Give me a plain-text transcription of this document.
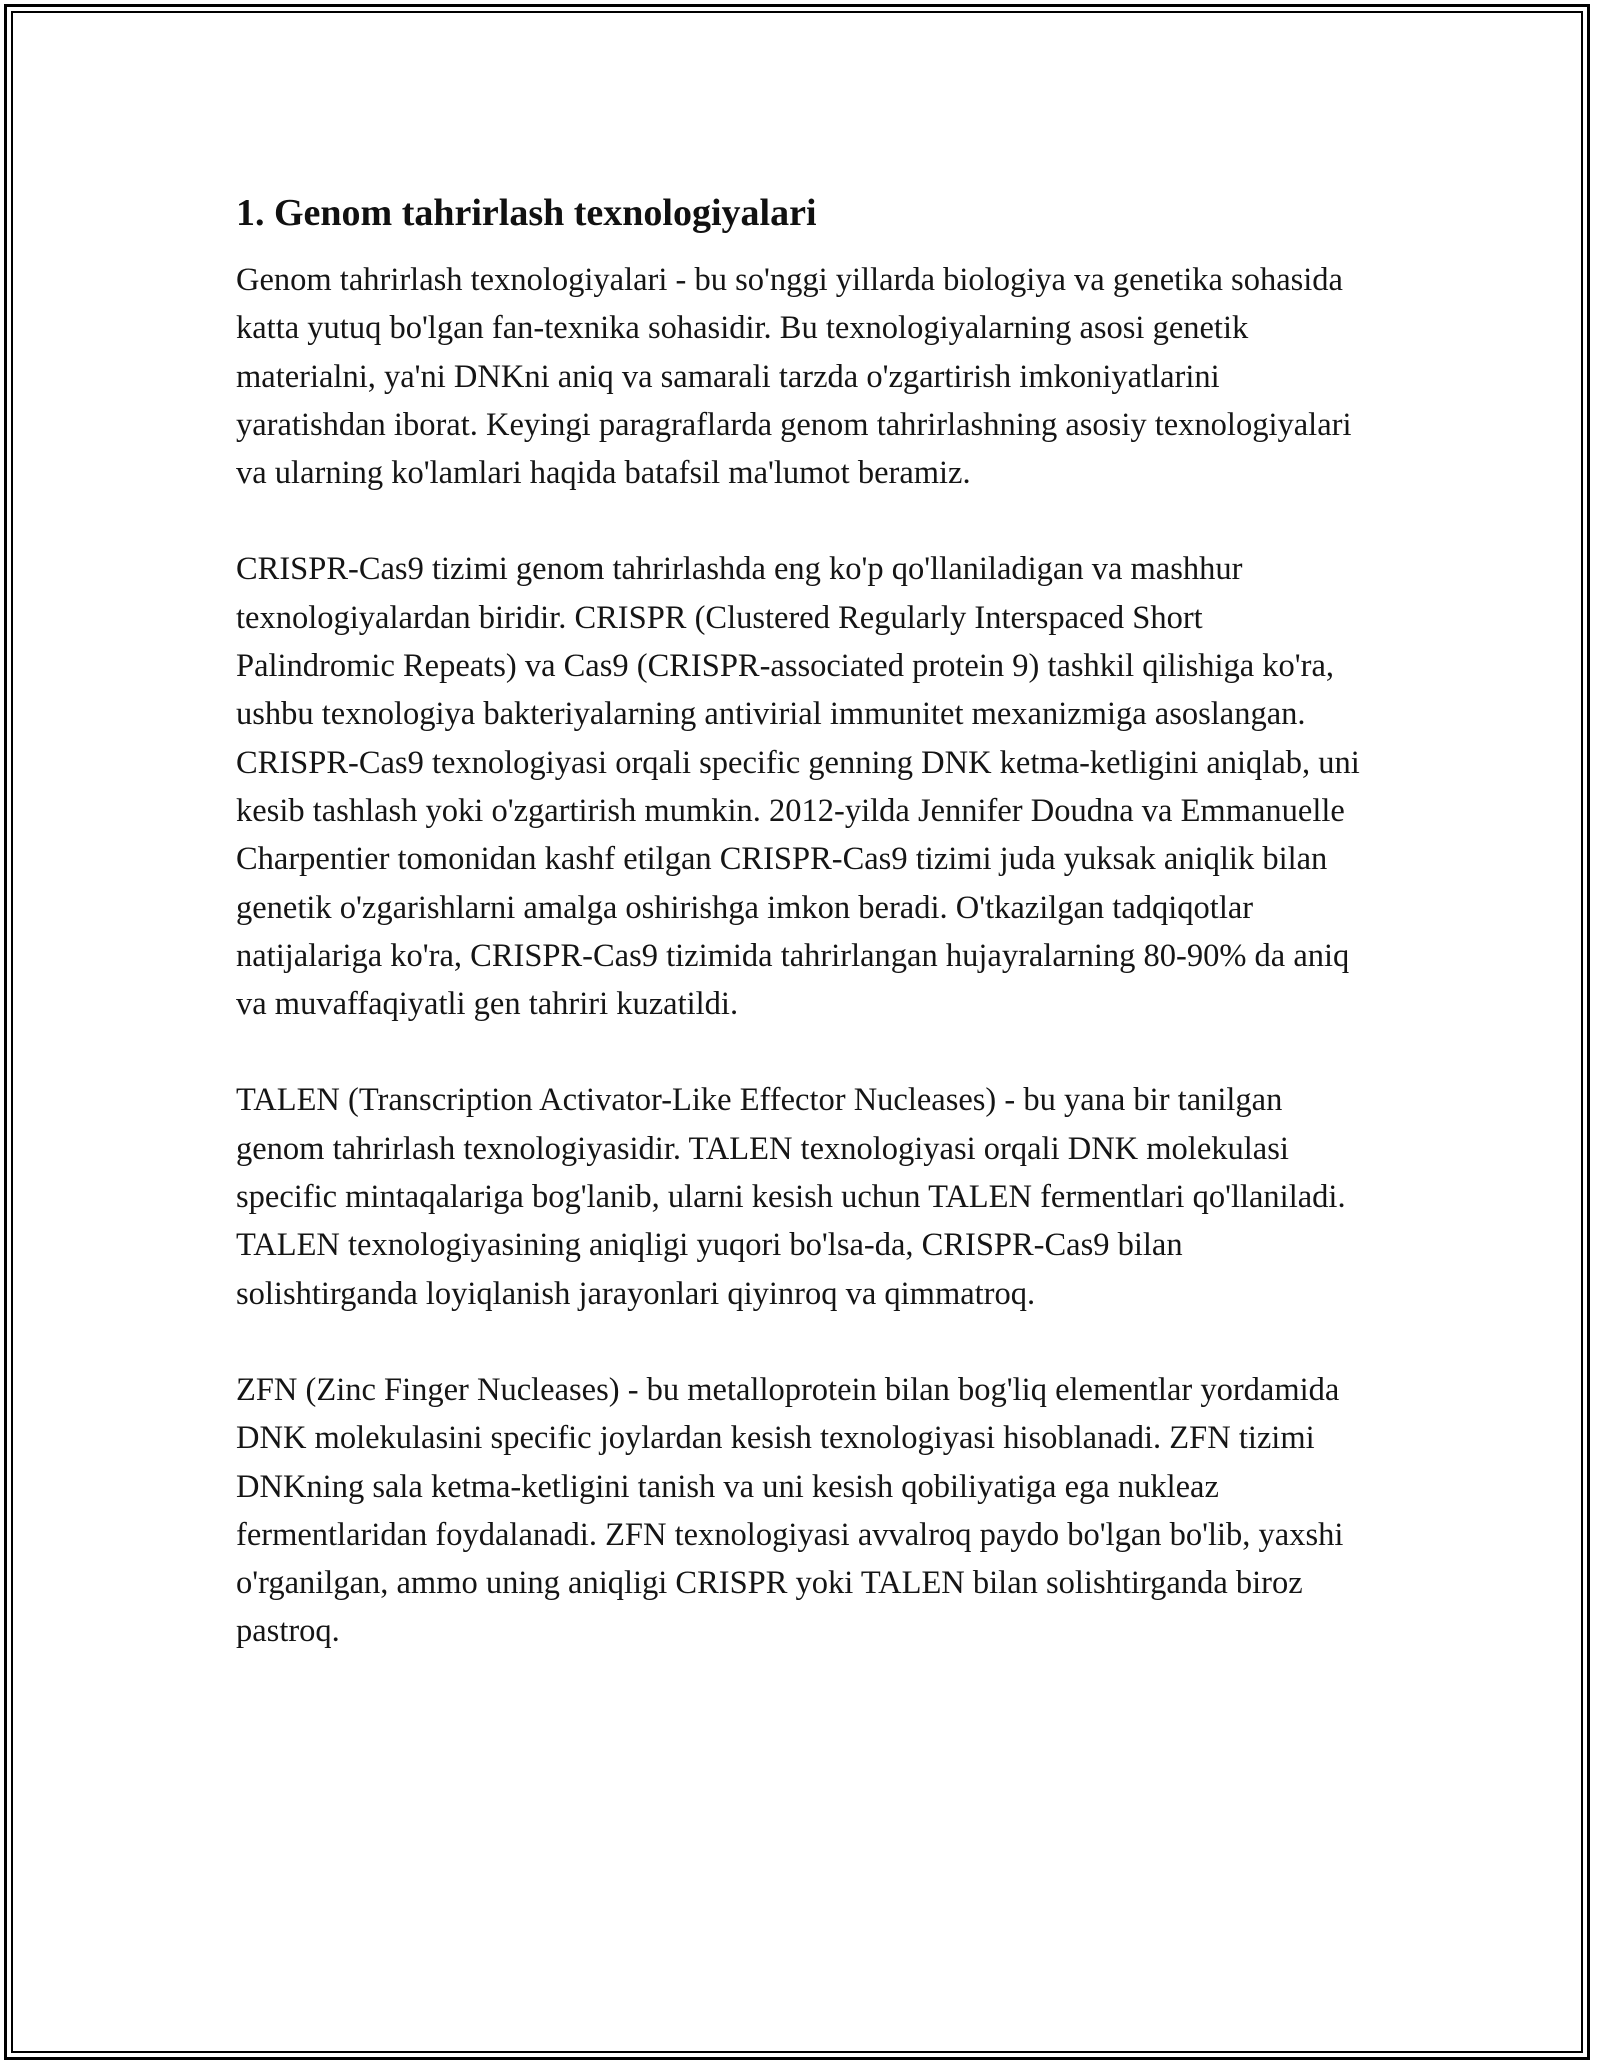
1. Genom tahrirlash texnologiyalari

Genom tahrirlash texnologiyalari - bu so'nggi yillarda biologiya va genetika sohasida katta yutuq bo'lgan fan-texnika sohasidir. Bu texnologiyalarning asosi genetik materialni, ya'ni DNKni aniq va samarali tarzda o'zgartirish imkoniyatlarini yaratishdan iborat. Keyingi paragraflarda genom tahrirlashning asosiy texnologiyalari va ularning ko'lamlari haqida batafsil ma'lumot beramiz.

CRISPR-Cas9 tizimi genom tahrirlashda eng ko'p qo'llaniladigan va mashhur texnologiyalardan biridir. CRISPR (Clustered Regularly Interspaced Short Palindromic Repeats) va Cas9 (CRISPR-associated protein 9) tashkil qilishiga ko'ra, ushbu texnologiya bakteriyalarning antivirial immunitet mexanizmiga asoslangan. CRISPR-Cas9 texnologiyasi orqali specific genning DNK ketma-ketligini aniqlab, uni kesib tashlash yoki o'zgartirish mumkin. 2012-yilda Jennifer Doudna va Emmanuelle Charpentier tomonidan kashf etilgan CRISPR-Cas9 tizimi juda yuksak aniqlik bilan genetik o'zgarishlarni amalga oshirishga imkon beradi. O'tkazilgan tadqiqotlar natijalariga ko'ra, CRISPR-Cas9 tizimida tahrirlangan hujayralarning 80-90% da aniq va muvaffaqiyatli gen tahriri kuzatildi.

TALEN (Transcription Activator-Like Effector Nucleases) - bu yana bir tanilgan genom tahrirlash texnologiyasidir. TALEN texnologiyasi orqali DNK molekulasi specific mintaqalariga bog'lanib, ularni kesish uchun TALEN fermentlari qo'llaniladi. TALEN texnologiyasining aniqligi yuqori bo'lsa-da, CRISPR-Cas9 bilan solishtirganda loyiqlanish jarayonlari qiyinroq va qimmatroq.

ZFN (Zinc Finger Nucleases) - bu metalloprotein bilan bog'liq elementlar yordamida DNK molekulasini specific joylardan kesish texnologiyasi hisoblanadi. ZFN tizimi DNKning sala ketma-ketligini tanish va uni kesish qobiliyatiga ega nukleaz fermentlaridan foydalanadi. ZFN texnologiyasi avvalroq paydo bo'lgan bo'lib, yaxshi o'rganilgan, ammo uning aniqligi CRISPR yoki TALEN bilan solishtirganda biroz pastroq.
